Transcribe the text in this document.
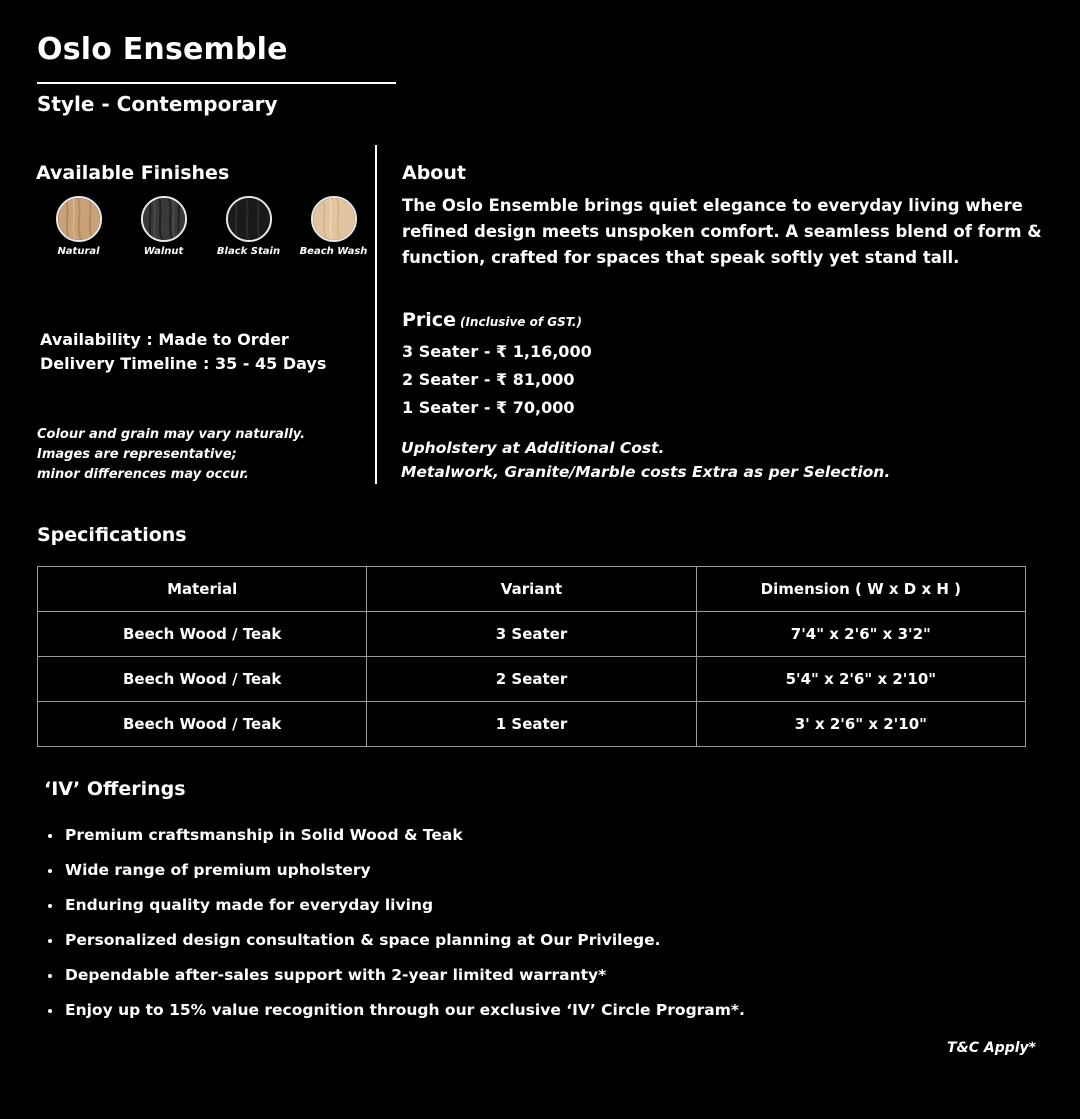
Oslo Ensemble
Style - Contemporary
Available Finishes
Natural	Walnut	Black Stain Beach Wash
Availability : Made to Order
Delivery Timeline : 35 - 45 Days
Colour and grain may vary naturally.
Images are representative;
minor differences may occur.
About
The Oslo Ensemble brings quiet elegance to everyday living where refined design meets unspoken comfort. A seamless blend of form & function, crafted for spaces that speak softly yet stand tall.
Price (Inclusive of GST.)
3 Seater - ₹ 1,16,000
2 Seater - ₹ 81,000
1 Seater - ₹ 70,000
Upholstery at Additional Cost.
Metalwork, Granite/Marble costs Extra as per Selection.
Specifications
Material	Variant	Dimension ( W x D x H )
Beech Wood / Teak	3 Seater	7'4" x 2'6" x 3'2"
Beech Wood / Teak	2 Seater	5'4" x 2'6" x 2'10"
Beech Wood / Teak	1 Seater	3' x 2'6" x 2'10"
‘IV’ Offerings
Premium craftsmanship in Solid Wood & Teak
Wide range of premium upholstery
Enduring quality made for everyday living
Personalized design consultation & space planning at Our Privilege.
Dependable after-sales support with 2-year limited warranty*
Enjoy up to 15% value recognition through our exclusive ‘IV’ Circle Program*.
T&C Apply*
